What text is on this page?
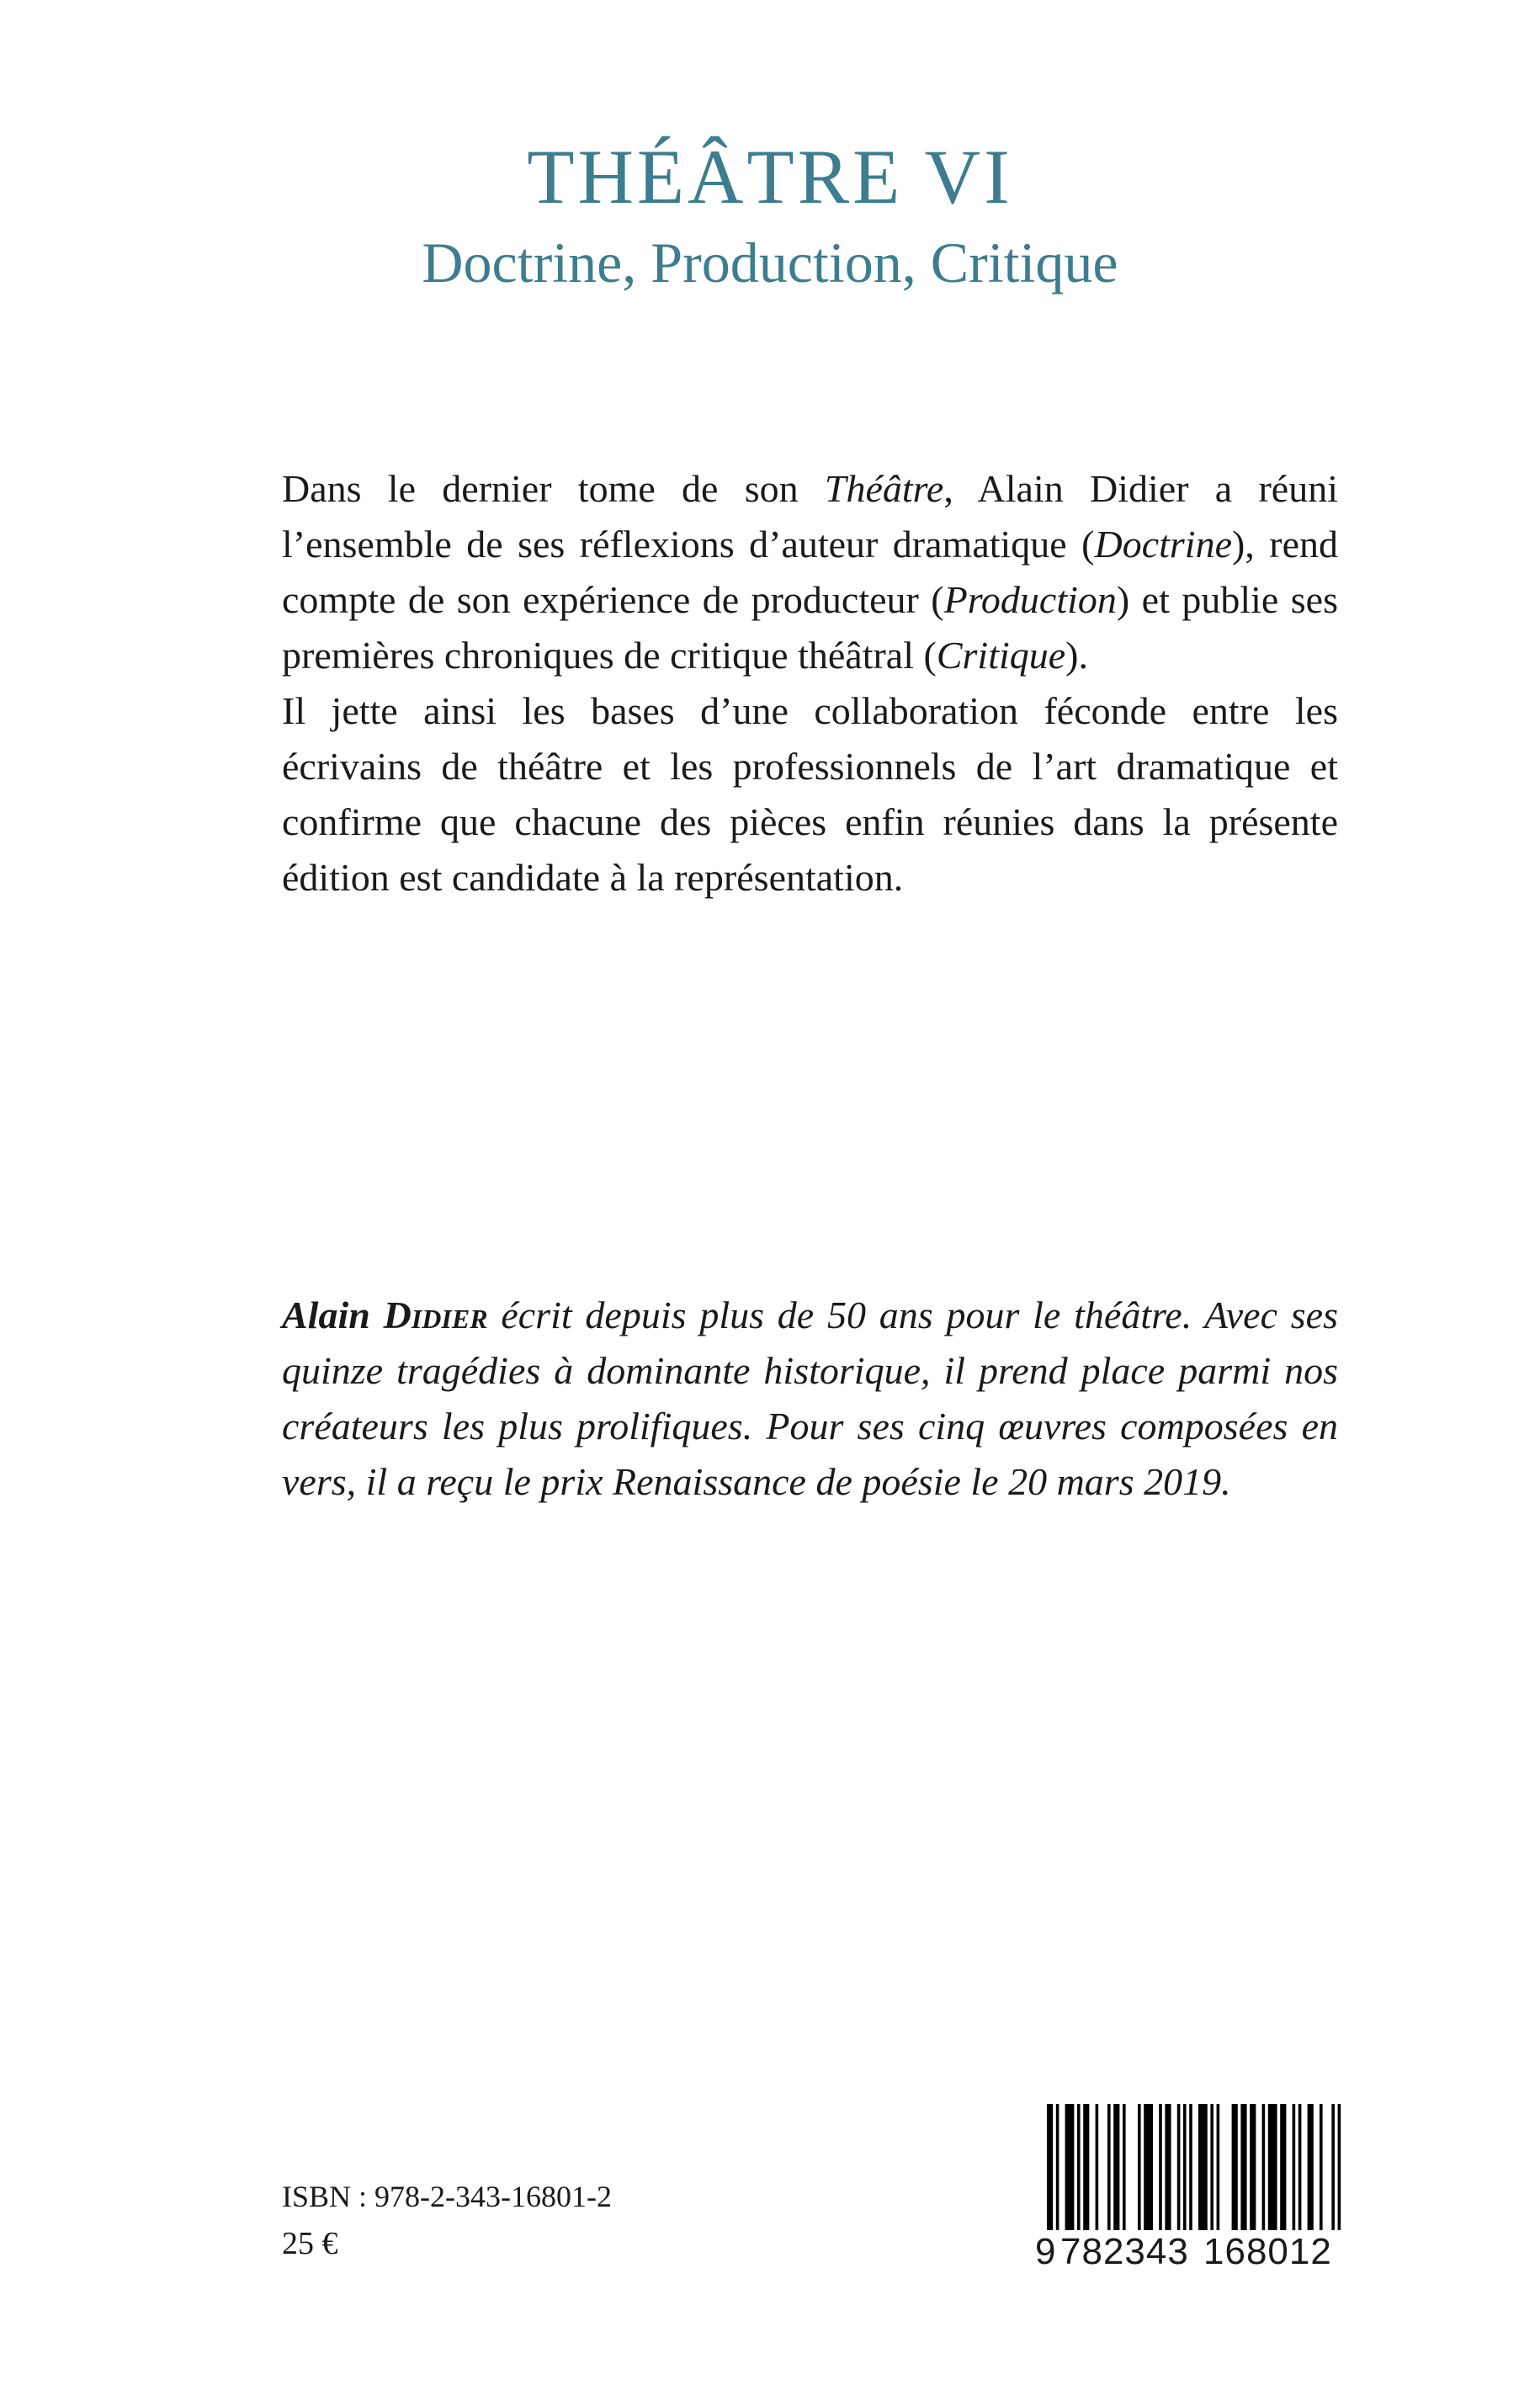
THÉÂTRE VI
Doctrine, Production, Critique

Dans le dernier tome de son Théâtre, Alain Didier a réuni l’ensemble de ses réflexions d’auteur dramatique (Doctrine), rend compte de son expérience de producteur (Production) et publie ses premières chroniques de critique théâtral (Critique).

Il jette ainsi les bases d’une collaboration féconde entre les écrivains de théâtre et les professionnels de l’art dramatique et confirme que chacune des pièces enfin réunies dans la présente édition est candidate à la représentation.

Alain Didier écrit depuis plus de 50 ans pour le théâtre. Avec ses quinze tragédies à dominante historique, il prend place parmi nos créateurs les plus prolifiques. Pour ses cinq œuvres composées en vers, il a reçu le prix Renaissance de poésie le 20 mars 2019.
ISBN : 978-2-343-16801-2
25 €	9 782343 168012
